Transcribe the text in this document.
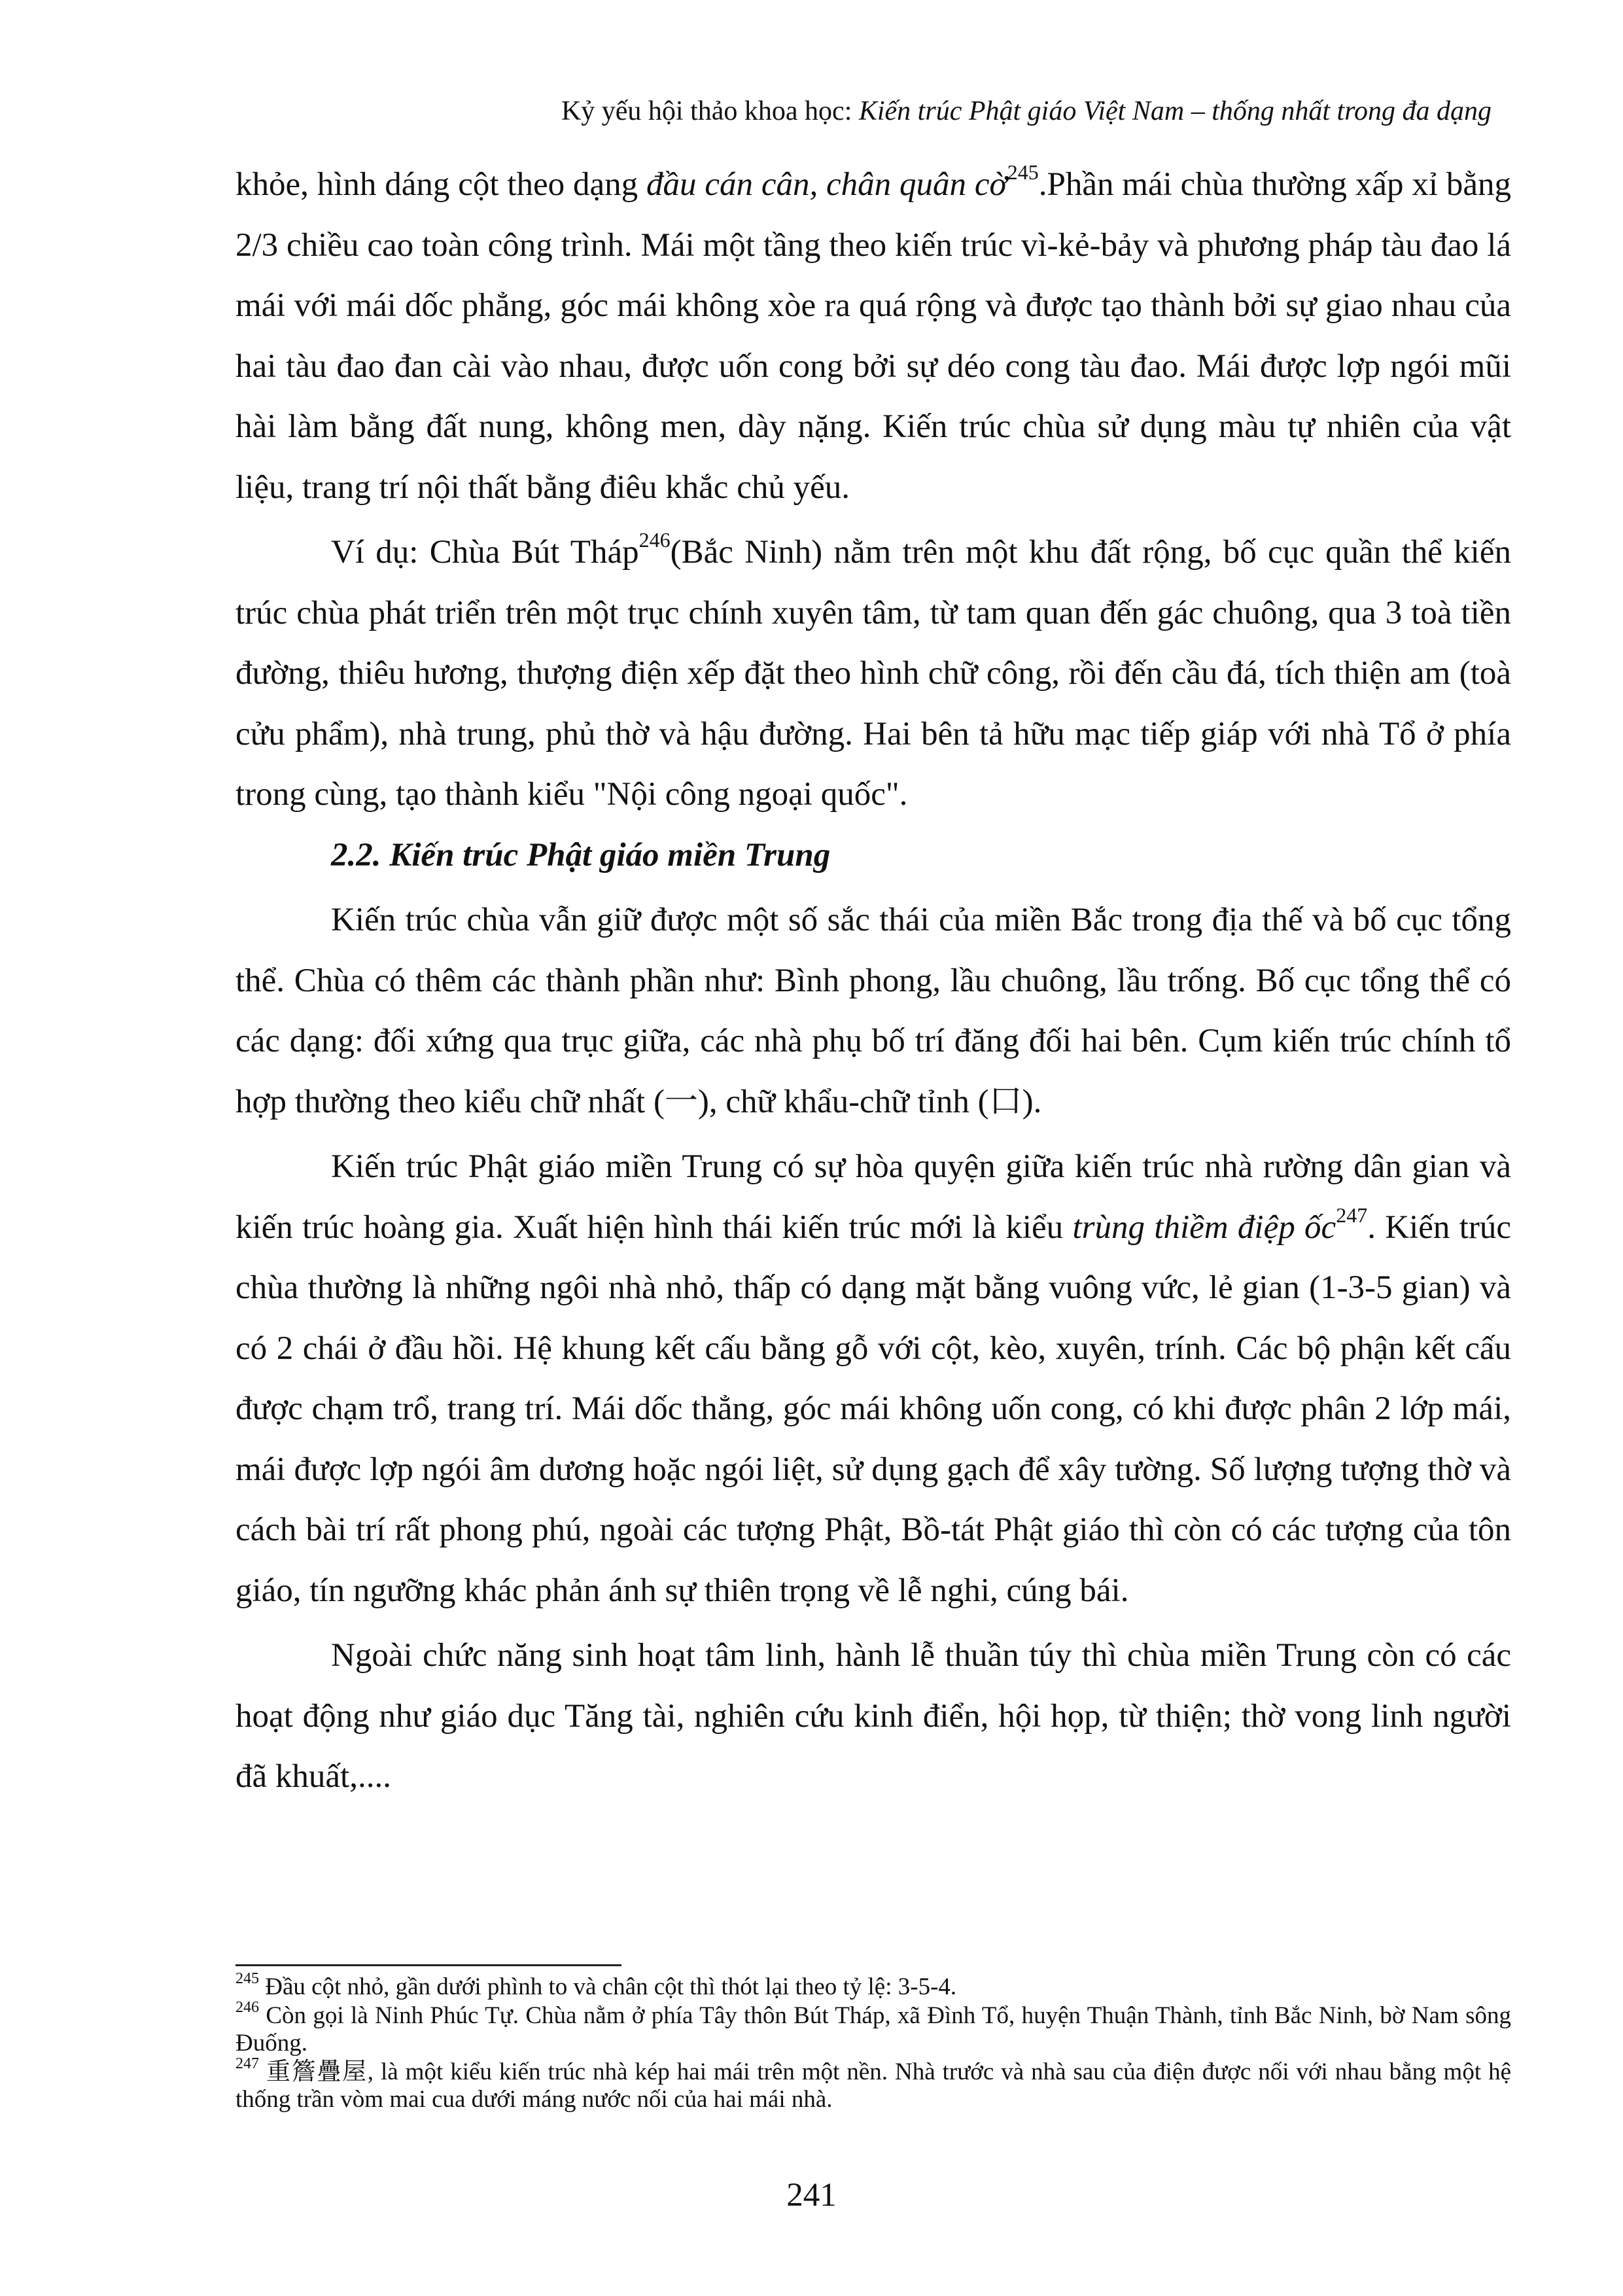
Kỷ yếu hội thảo khoa học: Kiến trúc Phật giáo Việt Nam – thống nhất trong đa dạng

khỏe, hình dáng cột theo dạng đầu cán cân, chân quân cờ$^{245}$.Phần mái chùa thường xấp xỉ bằng 2/3 chiều cao toàn công trình. Mái một tầng theo kiến trúc vì-kẻ-bảy và phương pháp tàu đao lá mái với mái dốc phẳng, góc mái không xòe ra quá rộng và được tạo thành bởi sự giao nhau của hai tàu đao đan cài vào nhau, được uốn cong bởi sự déo cong tàu đao. Mái được lợp ngói mũi hài làm bằng đất nung, không men, dày nặng. Kiến trúc chùa sử dụng màu tự nhiên của vật liệu, trang trí nội thất bằng điêu khắc chủ yếu.

Ví dụ: Chùa Bút Tháp$^{246}$(Bắc Ninh) nằm trên một khu đất rộng, bố cục quần thể kiến trúc chùa phát triển trên một trục chính xuyên tâm, từ tam quan đến gác chuông, qua 3 toà tiền đường, thiêu hương, thượng điện xếp đặt theo hình chữ công, rồi đến cầu đá, tích thiện am (toà cửu phẩm), nhà trung, phủ thờ và hậu đường. Hai bên tả hữu mạc tiếp giáp với nhà Tổ ở phía trong cùng, tạo thành kiểu "Nội công ngoại quốc".

2.2. Kiến trúc Phật giáo miền Trung

Kiến trúc chùa vẫn giữ được một số sắc thái của miền Bắc trong địa thế và bố cục tổng thể. Chùa có thêm các thành phần như: Bình phong, lầu chuông, lầu trống. Bố cục tổng thể có các dạng: đối xứng qua trục giữa, các nhà phụ bố trí đăng đối hai bên. Cụm kiến trúc chính tổ hợp thường theo kiểu chữ nhất (一), chữ khẩu-chữ tỉnh (口).

Kiến trúc Phật giáo miền Trung có sự hòa quyện giữa kiến trúc nhà rường dân gian và kiến trúc hoàng gia. Xuất hiện hình thái kiến trúc mới là kiểu trùng thiềm điệp ốc$^{247}$. Kiến trúc chùa thường là những ngôi nhà nhỏ, thấp có dạng mặt bằng vuông vức, lẻ gian (1-3-5 gian) và có 2 chái ở đầu hồi. Hệ khung kết cấu bằng gỗ với cột, kèo, xuyên, trính. Các bộ phận kết cấu được chạm trổ, trang trí. Mái dốc thẳng, góc mái không uốn cong, có khi được phân 2 lớp mái, mái được lợp ngói âm dương hoặc ngói liệt, sử dụng gạch để xây tường. Số lượng tượng thờ và cách bài trí rất phong phú, ngoài các tượng Phật, Bồ-tát Phật giáo thì còn có các tượng của tôn giáo, tín ngưỡng khác phản ánh sự thiên trọng về lễ nghi, cúng bái.

Ngoài chức năng sinh hoạt tâm linh, hành lễ thuần túy thì chùa miền Trung còn có các hoạt động như giáo dục Tăng tài, nghiên cứu kinh điển, hội họp, từ thiện; thờ vong linh người đã khuất,....

$^{245}$ Đầu cột nhỏ, gần dưới phình to và chân cột thì thót lại theo tỷ lệ: 3-5-4.

$^{246}$ Còn gọi là Ninh Phúc Tự. Chùa nằm ở phía Tây thôn Bút Tháp, xã Đình Tổ, huyện Thuận Thành, tỉnh Bắc Ninh, bờ Nam sông Đuống.

$^{247}$ 重簷疊屋, là một kiểu kiến trúc nhà kép hai mái trên một nền. Nhà trước và nhà sau của điện được nối với nhau bằng một hệ thống trần vòm mai cua dưới máng nước nối của hai mái nhà.

241
